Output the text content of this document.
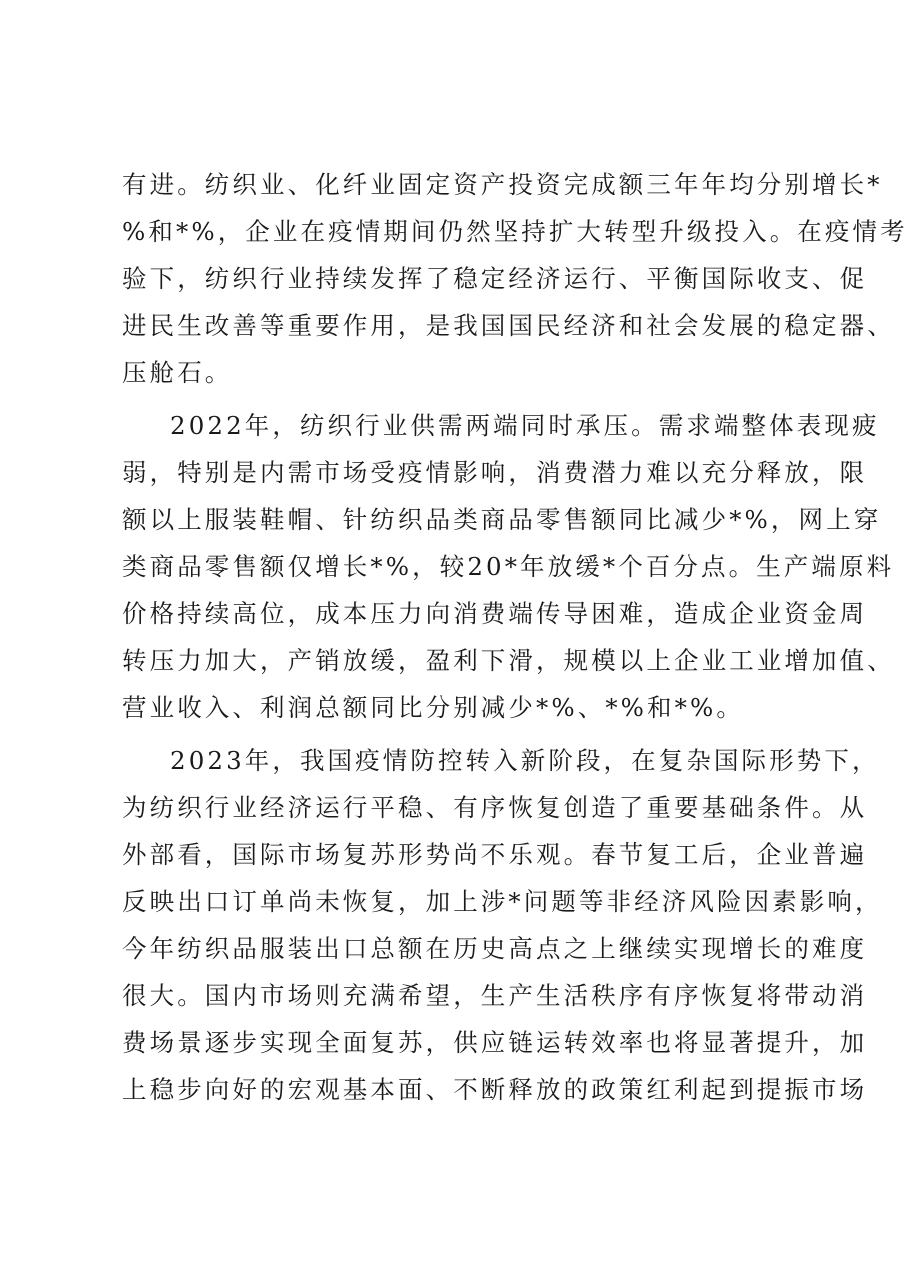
有进。纺织业、化纤业固定资产投资完成额三年年均分别增长*
%和*%，企业在疫情期间仍然坚持扩大转型升级投入。在疫情考
验下，纺织行业持续发挥了稳定经济运行、平衡国际收支、促
进民生改善等重要作用，是我国国民经济和社会发展的稳定器、
压舱石。
2022年，纺织行业供需两端同时承压。需求端整体表现疲
弱，特别是内需市场受疫情影响，消费潜力难以充分释放，限
额以上服装鞋帽、针纺织品类商品零售额同比减少*%，网上穿
类商品零售额仅增长*%，较20*年放缓*个百分点。生产端原料
价格持续高位，成本压力向消费端传导困难，造成企业资金周
转压力加大，产销放缓，盈利下滑，规模以上企业工业增加值、
营业收入、利润总额同比分别减少*%、*%和*%。
2023年，我国疫情防控转入新阶段，在复杂国际形势下，
为纺织行业经济运行平稳、有序恢复创造了重要基础条件。从
外部看，国际市场复苏形势尚不乐观。春节复工后，企业普遍
反映出口订单尚未恢复，加上涉*问题等非经济风险因素影响，
今年纺织品服装出口总额在历史高点之上继续实现增长的难度
很大。国内市场则充满希望，生产生活秩序有序恢复将带动消
费场景逐步实现全面复苏，供应链运转效率也将显著提升，加
上稳步向好的宏观基本面、不断释放的政策红利起到提振市场
